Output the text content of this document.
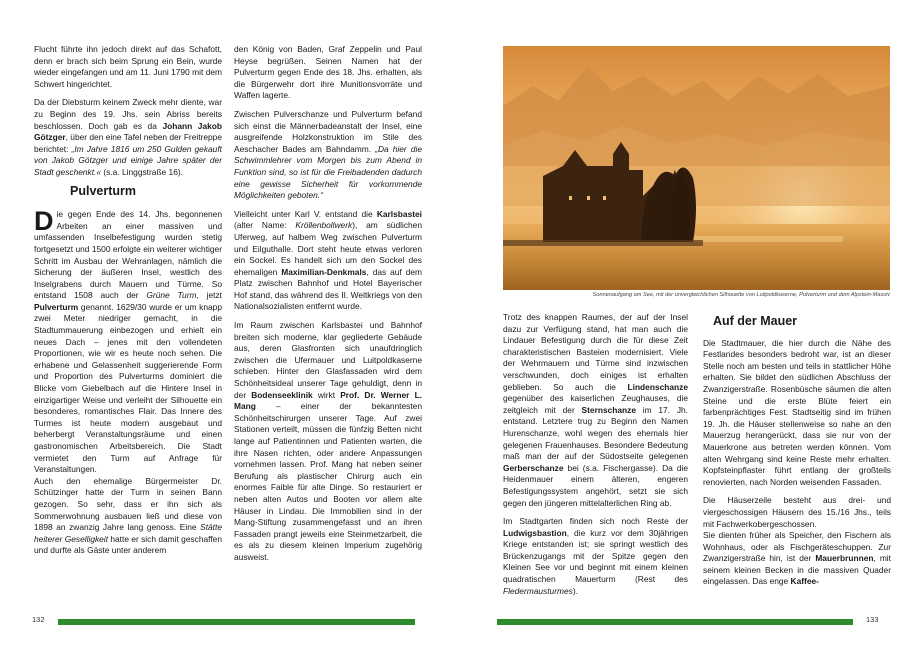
Flucht führte ihn jedoch direkt auf das Schafott, denn er brach sich beim Sprung ein Bein, wurde wieder eingefangen und am 11. Juni 1790 mit dem Schwert hingerichtet.

Da der Diebsturm keinem Zweck mehr diente, war zu Beginn des 19. Jhs. sein Abriss bereits beschlossen. Doch gab es da Johann Jakob Götzger, über den eine Tafel neben der Freitreppe berichtet: „Im Jahre 1816 um 250 Gulden gekauft von Jakob Götzger und einige Jahre später der Stadt geschenkt.« (s.a. Linggstraße 16).

Pulverturm

Die gegen Ende des 14. Jhs. begonnenen Arbeiten an einer massiven und umfassenden Inselbefestigung wurden stetig fortgesetzt und 1500 erfolgte ein weiterer wichtiger Schritt im Ausbau der Wehranlagen, nämlich die Sicherung der äußeren Insel, westlich des Inselgrabens durch Mauern und Türme. So entstand 1508 auch der Grüne Turm, jetzt Pulverturm genannt. 1629/30 wurde er um knapp zwei Meter niedriger gemacht, in die Stadtummauerung einbezogen und erhielt ein neues Dach – jenes mit den vollendeten Proportionen, wie wir es heute noch sehen. Die erhabene und Gelassenheit suggerierende Form und Proportion des Pulverturms dominiert die Blicke vom Giebelbach auf die Hintere Insel in einzigartiger Weise und verleiht der Silhouette ein besonderes, romantisches Flair. Das Innere des Turmes ist heute modern ausgebaut und beherbergt Veranstaltungsräume und einen gastronomischen Arbeitsbereich. Die Stadt vermietet den Turm auf Anfrage für Veranstaltungen.

Auch den ehemalige Bürgermeister Dr. Schützinger hatte der Turm in seinen Bann gezogen. So sehr, dass er ihn sich als Sommerwohnung ausbauen ließ und diese von 1898 an zwanzig Jahre lang genoss. Eine Stätte heiterer Geselligkeit hatte er sich damit geschaffen und durfte als Gäste unter anderem

den König von Baden, Graf Zeppelin und Paul Heyse begrüßen. Seinen Namen hat der Pulverturm gegen Ende des 18. Jhs. erhalten, als die Bürgerwehr dort ihre Munitionsvorräte und Waffen lagerte.

Zwischen Pulverschanze und Pulverturm befand sich einst die Männerbadeanstalt der Insel, eine ausgreifende Holzkonstruktion im Stile des Aeschacher Bades am Bahndamm. „Da hier die Schwimmlehrer vom Morgen bis zum Abend in Funktion sind, so ist für die Freibadenden dadurch eine gewisse Sicherheit für vorkommende Möglichkeiten geboten.“

Vielleicht unter Karl V. entstand die Karlsbastei (alter Name: Kröllenbollwerk), am südlichen Uferweg, auf halbem Weg zwischen Pulverturm und Eilguthalle. Dort steht heute etwas verloren ein Sockel. Es handelt sich um den Sockel des ehemaligen Maximilian-Denkmals, das auf dem Platz zwischen Bahnhof und Hotel Bayerischer Hof stand, das während des II. Weltkriegs von den Nationalsozialisten entfernt wurde.

Im Raum zwischen Karlsbastei und Bahnhof breiten sich moderne, klar gegliederte Gebäude aus, deren Glasfronten sich unaufdringlich zwischen die Ufermauer und Luitpoldkaserne schieben. Hinter den Glasfassaden wird dem Schönheitsideal unserer Tage gehuldigt, denn in der Bodenseeklinik wirkt Prof. Dr. Werner L. Mang – einer der bekanntesten Schönheitschirurgen unserer Tage. Auf zwei Stationen verteilt, müssen die fünfzig Betten nicht lange auf Patientinnen und Patienten warten, die ihre Nasen richten, oder andere Anpassungen vornehmen lassen. Prof. Mang hat neben seiner Berufung als plastischer Chirurg auch ein enormes Faible für alte Dinge. So restauriert er neben alten Autos und Booten vor allem alte Häuser in Lindau. Die Immobilien sind in der Mang-Stiftung zusammengefasst und an ihren Fassaden prangt jeweils eine Steinmetzarbeit, die es als zu diesem kleinen Imperium zugehörig ausweist.

132
Sonnenaufgang am See, mit der unvergleichlichen Silhouette von Luitpoldkaserne, Pulverturm und dem Alpstein-Massiv

Trotz des knappen Raumes, der auf der Insel dazu zur Verfügung stand, hat man auch die Lindauer Befestigung durch die für diese Zeit charakteristischen Basteien modernisiert. Viele der Wehrmauern und Türme sind inzwischen verschwunden, doch einiges ist erhalten geblieben. So auch die Lindenschanze gegenüber des kaiserlichen Zeughauses, die zeitgleich mit der Sternschanze im 17. Jh. entstand. Letztere trug zu Beginn den Namen Hurenschanze, wohl wegen des ehemals hier gelegenen Frauenhauses. Besondere Bedeutung maß man der auf der Südostseite gelegenen Gerberschanze bei (s.a. Fischergasse). Da die Heidenmauer einem älteren, engeren Befestigungssystem angehört, setzt sie sich gegen den jüngeren mittelalterlichen Ring ab.

Im Stadtgarten finden sich noch Reste der Ludwigsbastion, die kurz vor dem 30jährigen Kriege entstanden ist; sie springt westlich des Brückenzugangs mit der Spitze gegen den Kleinen See vor und beginnt mit einem kleinen quadratischen Mauerturm (Rest des Fledermausturmes).

Auf der Mauer

Die Stadtmauer, die hier durch die Nähe des Festlandes besonders bedroht war, ist an dieser Stelle noch am besten und teils in stattlicher Höhe erhalten. Sie bildet den südlichen Abschluss der Zwanzigerstraße. Rosenbüsche säumen die alten Steine und die erste Blüte feiert ein farbenprächtiges Fest. Stadtseitig sind im frühen 19. Jh. die Häuser stellenweise so nahe an den Mauerzug herangerückt, dass sie nur von der Mauerkrone aus betreten werden können. Vom alten Wehrgang sind keine Reste mehr erhalten. Kopfsteinpflaster führt entlang der großteils renovierten, nach Norden weisenden Fassaden.

Die Häuserzeile besteht aus drei- und viergeschossigen Häusern des 15./16 Jhs., teils mit Fachwerkobergeschossen.

Sie dienten früher als Speicher, den Fischern als Wohnhaus, oder als Fischgeräteschuppen. Zur Zwanzigerstraße hin, ist der Mauerbrunnen, mit seinem kleinen Becken in die massiven Quader eingelassen. Das enge Kaffee-

133
